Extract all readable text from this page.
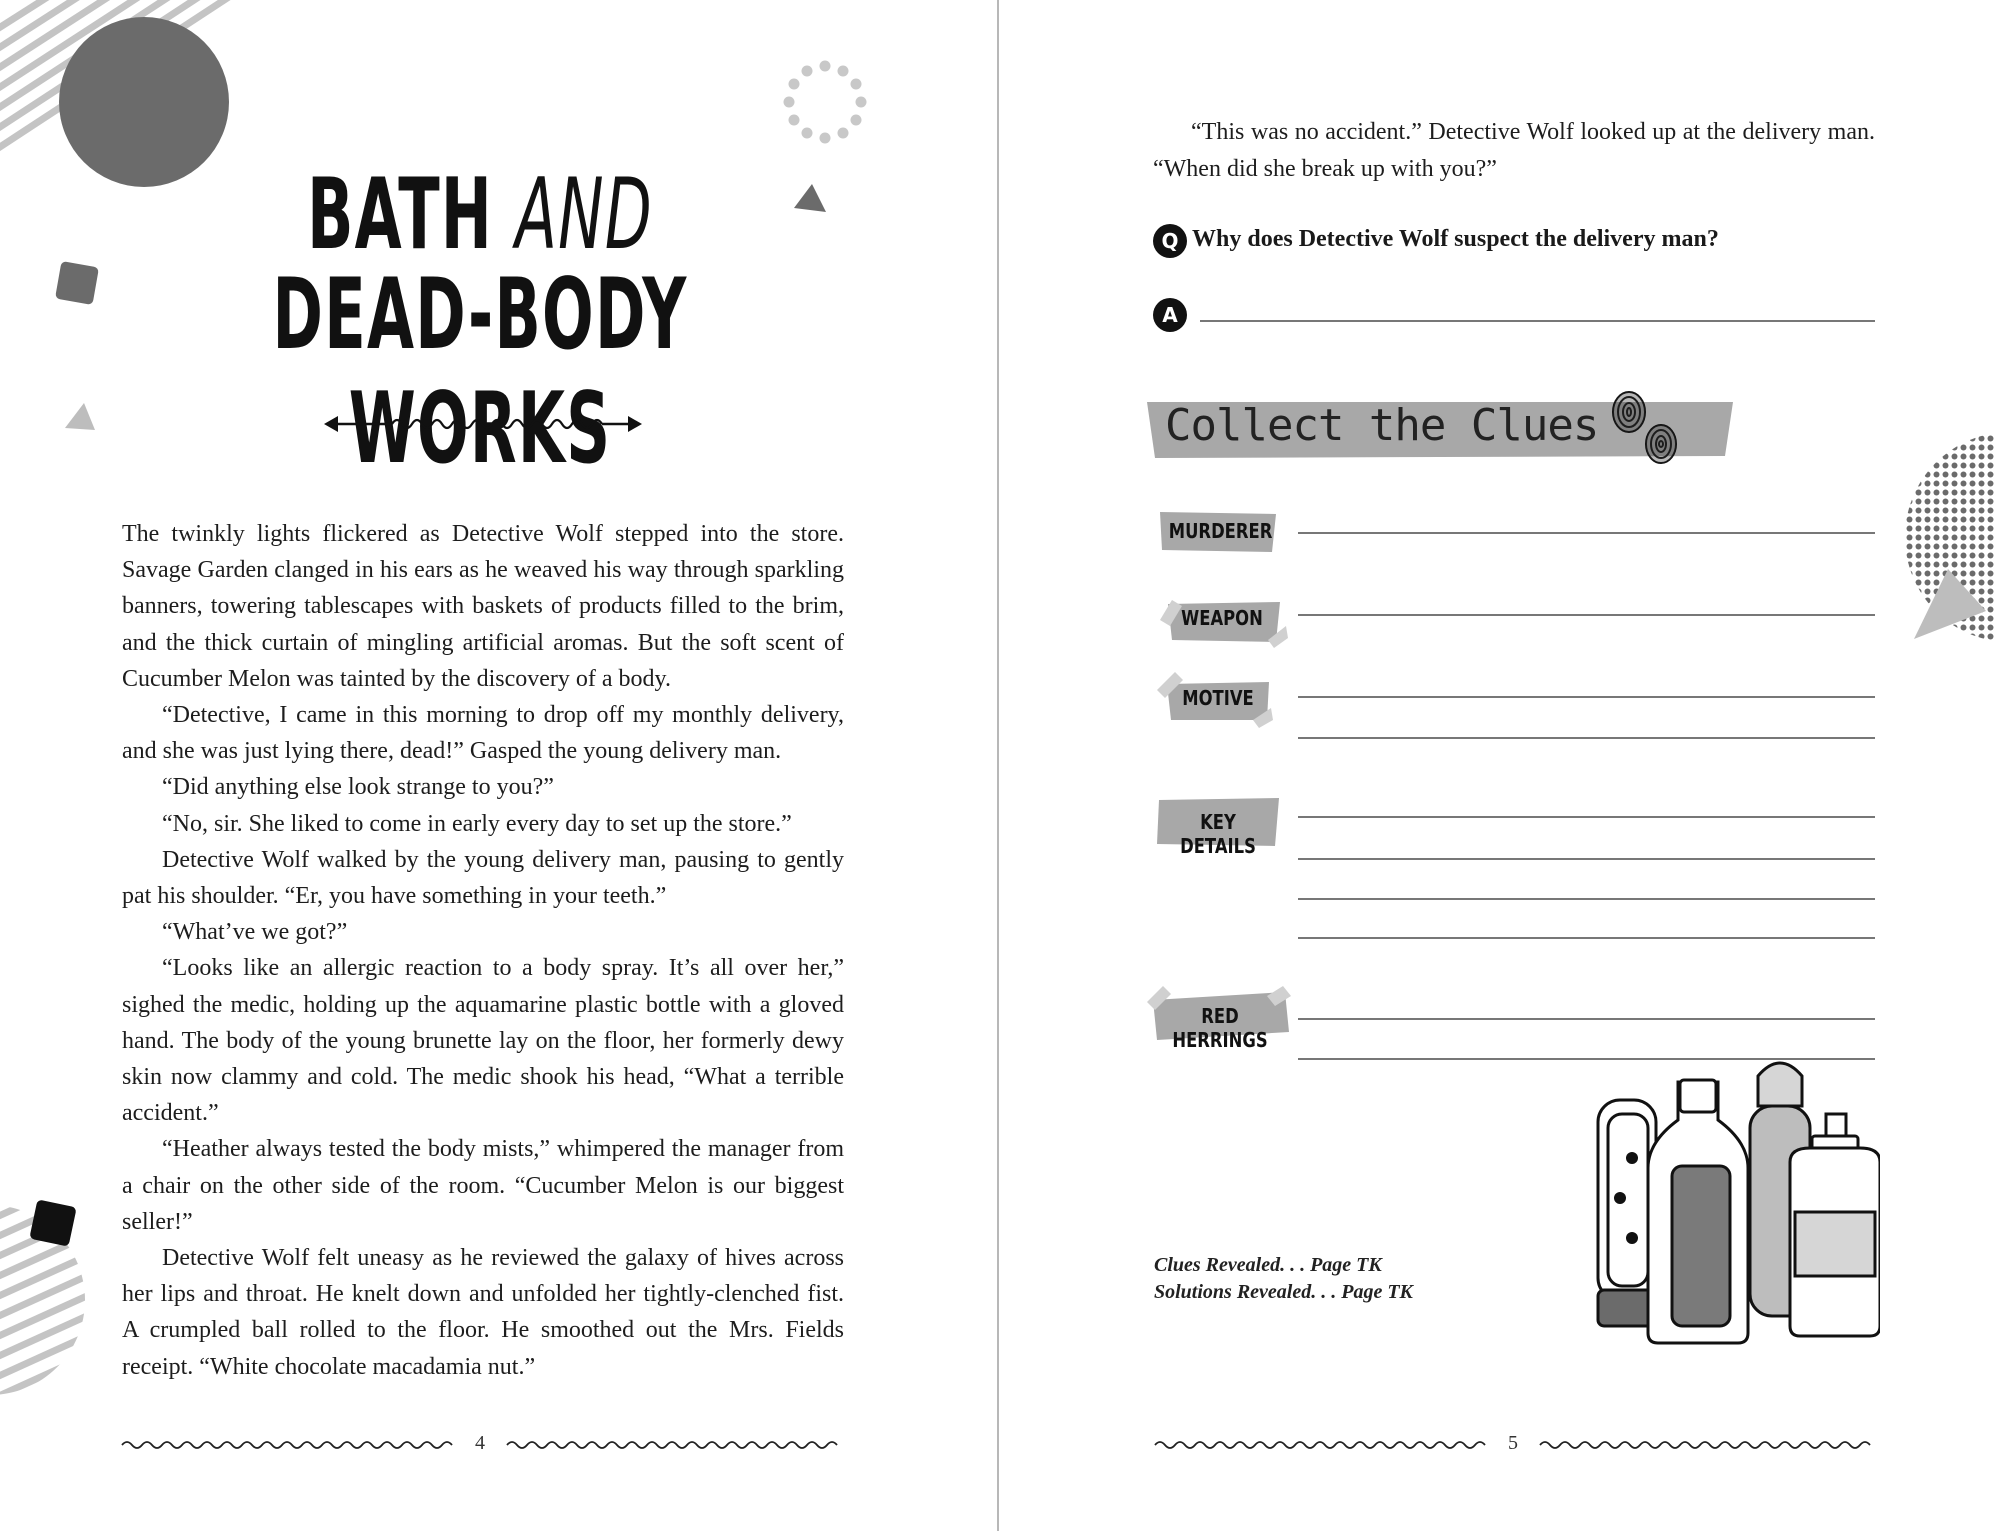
BATH AND
DEAD-BODY WORKS

The twinkly lights flickered as Detective Wolf stepped into the store. Savage Garden clanged in his ears as he weaved his way through sparkling banners, towering tablescapes with baskets of products filled to the brim, and the thick curtain of mingling artificial aromas. But the soft scent of Cucumber Melon was tainted by the discovery of a body.

“Detective, I came in this morning to drop off my monthly delivery, and she was just lying there, dead!” Gasped the young delivery man.

“Did anything else look strange to you?”

“No, sir. She liked to come in early every day to set up the store.”

Detective Wolf walked by the young delivery man, pausing to gently pat his shoulder. “Er, you have something in your teeth.”

“What’ve we got?”

“Looks like an allergic reaction to a body spray. It’s all over her,” sighed the medic, holding up the aquamarine plastic bottle with a gloved hand. The body of the young brunette lay on the floor, her formerly dewy skin now clammy and cold. The medic shook his head, “What a terrible accident.”

“Heather always tested the body mists,” whimpered the manager from a chair on the other side of the room. “Cucumber Melon is our biggest seller!”

Detective Wolf felt uneasy as he reviewed the galaxy of hives across her lips and throat. He knelt down and unfolded her tightly-clenched fist. A crumpled ball rolled to the floor. He smoothed out the Mrs. Fields receipt. “White chocolate macadamia nut.”

4

“This was no accident.” Detective Wolf looked up at the delivery man. “When did she break up with you?”

Q Why does Detective Wolf suspect the delivery man?
A
Collect the Clues
MURDERER
WEAPON
MOTIVE
KEY DETAILS
RED HERRINGS
Clues Revealed. . . Page TK
Solutions Revealed. . . Page TK
5
